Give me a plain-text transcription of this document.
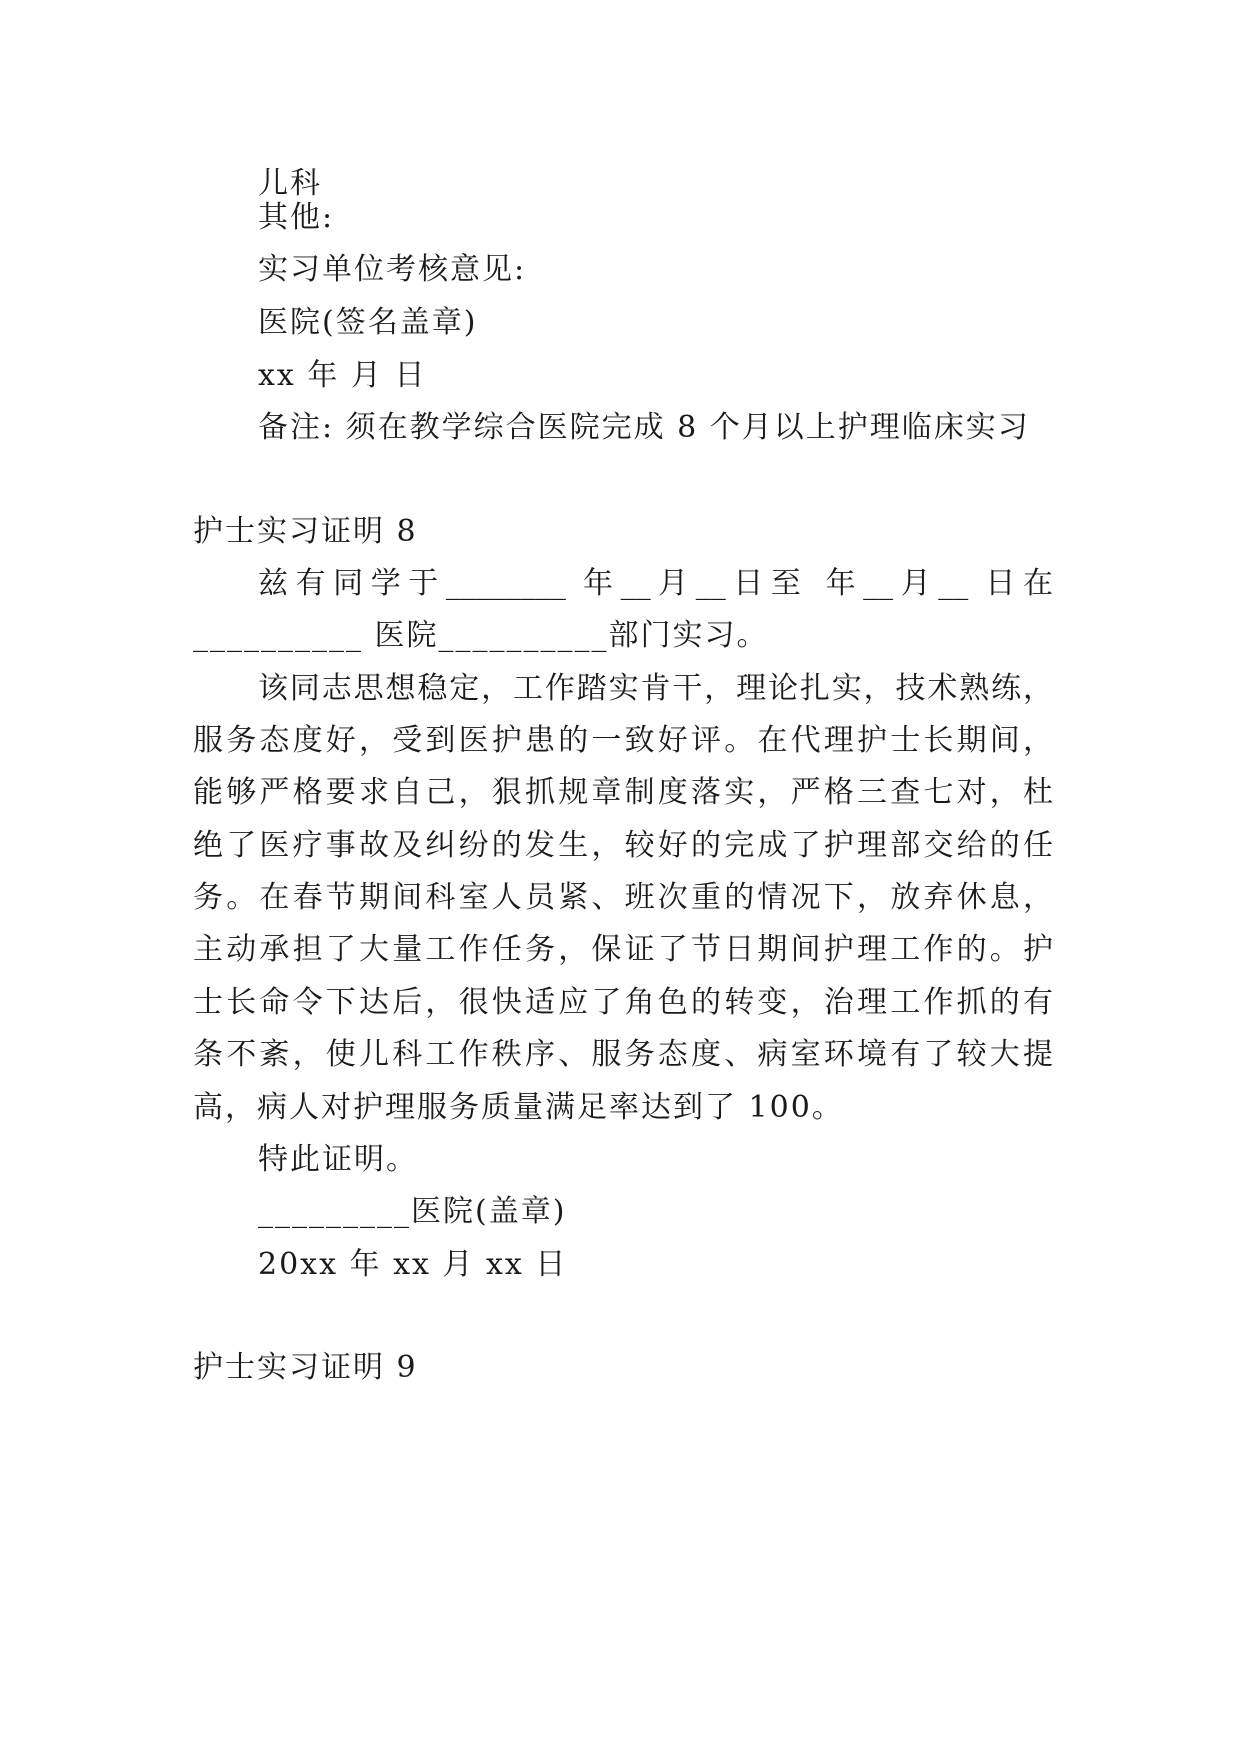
儿科
其他:
实习单位考核意见:
医院(签名盖章)
xx 年 月 日
备注: 须在教学综合医院完成 8 个月以上护理临床实习
护士实习证明 8
兹有同学于________ 年__月__日至 年__月__ 日在
__________ 医院__________部门实习。
该同志思想稳定，工作踏实肯干，理论扎实，技术熟练，
服务态度好，受到医护患的一致好评。在代理护士长期间，
能够严格要求自己，狠抓规章制度落实，严格三查七对，杜
绝了医疗事故及纠纷的发生，较好的完成了护理部交给的任
务。在春节期间科室人员紧、班次重的情况下，放弃休息，
主动承担了大量工作任务，保证了节日期间护理工作的。护
士长命令下达后，很快适应了角色的转变，治理工作抓的有
条不紊，使儿科工作秩序、服务态度、病室环境有了较大提
高，病人对护理服务质量满足率达到了 100。
特此证明。
_________医院(盖章)
20xx 年 xx 月 xx 日
护士实习证明 9
